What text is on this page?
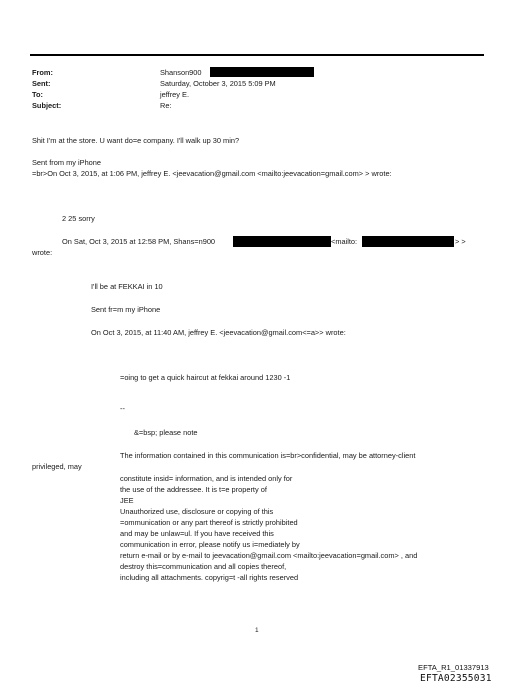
From:
Sent:
To:
Subject:
Shanson900
Saturday, October 3, 2015 5:09 PM
jeffrey E.
Re:
Shit I'm at the store. U want do=e company. I'll walk up 30 min?
Sent from my iPhone
=br>On Oct 3, 2015, at 1:06 PM, jeffrey E. <jeevacation@gmail.com <mailto:jeevacation=gmail.com> > wrote:
2 25 sorry
On Sat, Oct 3, 2015 at 12:58 PM, Shans=n900	<mailto:	> >
wrote:
I'll be at FEKKAI in 10
Sent fr=m my iPhone
On Oct 3, 2015, at 11:40 AM, jeffrey E. <jeevacation@gmail.com<=a>> wrote:
=oing to get a quick haircut at fekkai around 1230 -1
--
&=bsp; please note
The information contained in this communication is=br>confidential, may be attorney-client
privileged, may
constitute insid= information, and is intended only for
the use of the addressee. It is t=e property of
JEE
Unauthorized use, disclosure or copying of this
=ommunication or any part thereof is strictly prohibited
and may be unlaw=ul. If you have received this
communication in error, please notify us i=mediately by
return e-mail or by e-mail to jeevacation@gmail.com <mailto:jeevacation=gmail.com> , and
destroy this=communication and all copies thereof,
including all attachments. copyrig=t -all rights reserved
1
EFTA_R1_01337913
EFTA02355031
